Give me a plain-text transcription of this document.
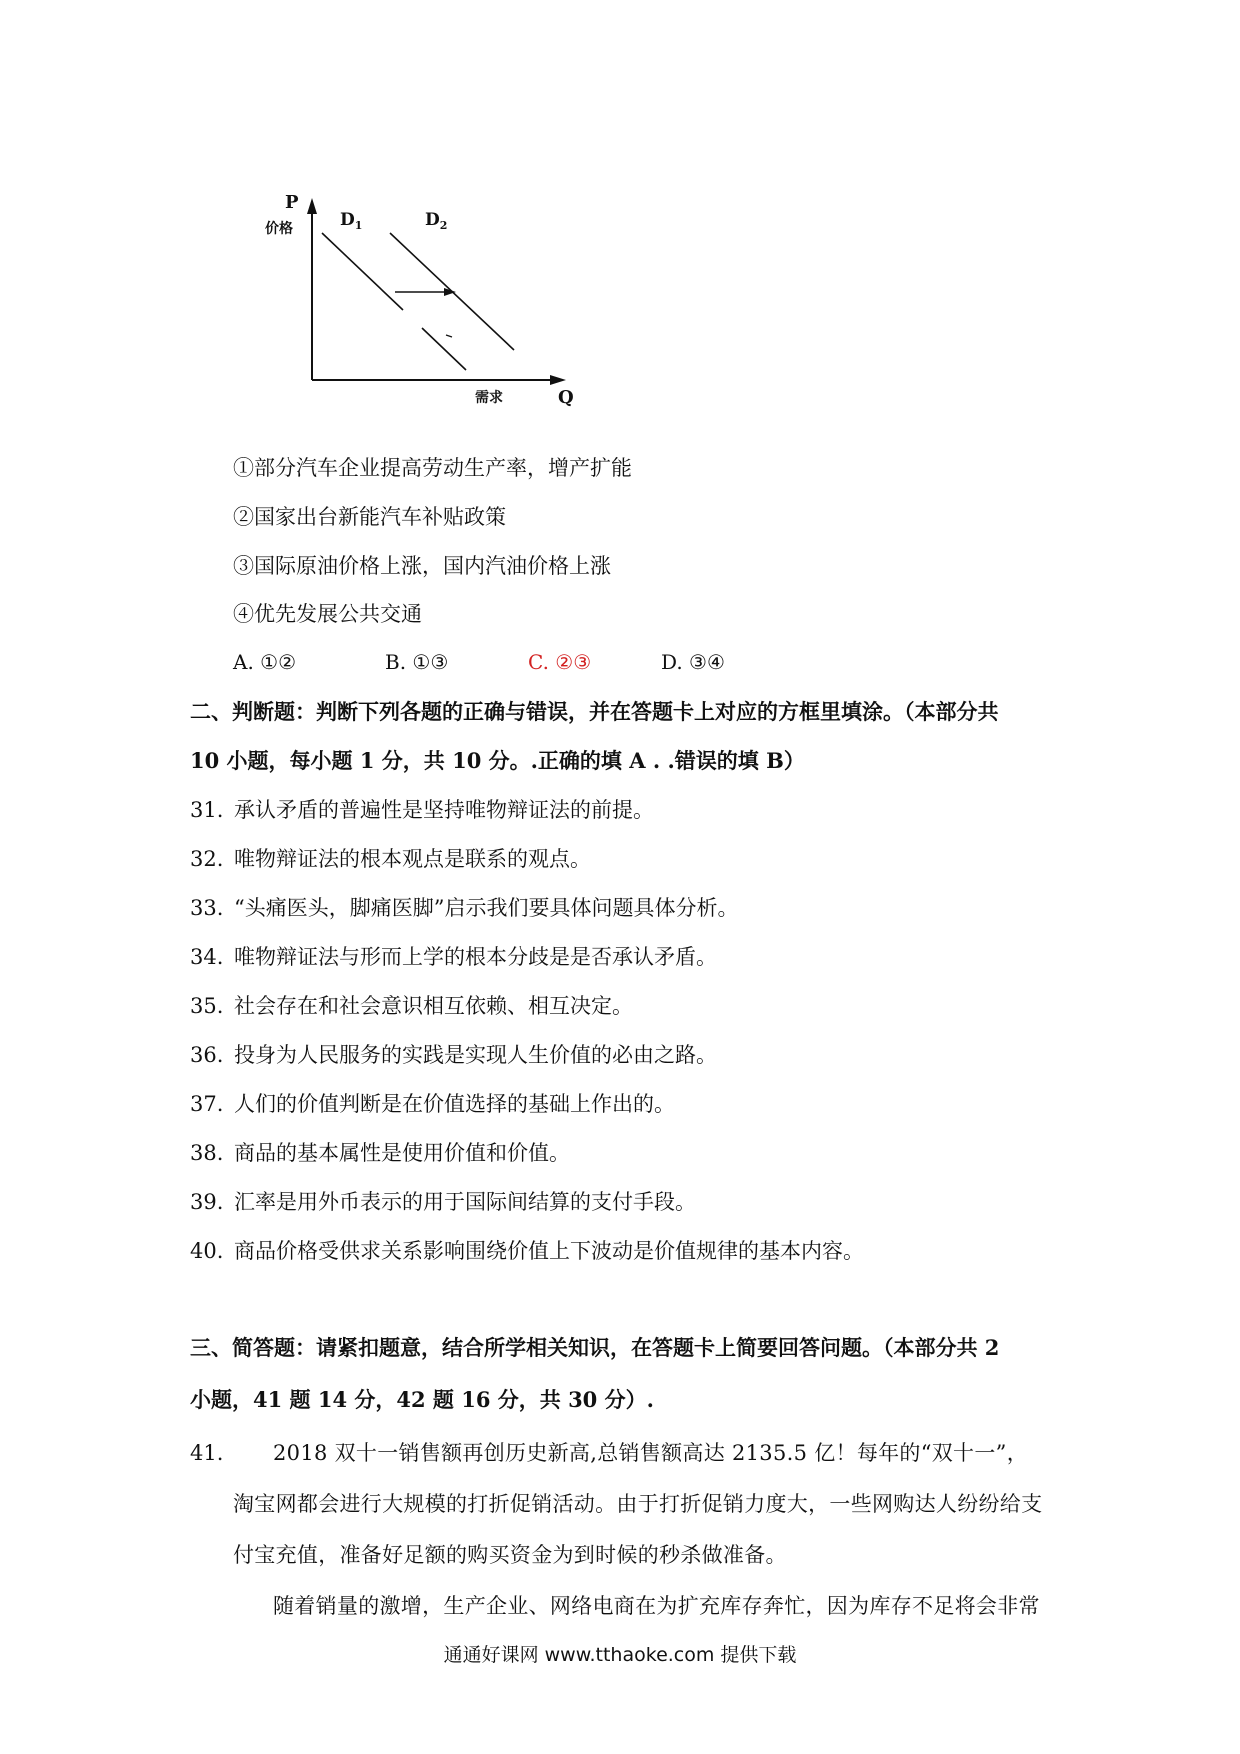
P
价格
需求	Q
$D_1$	$D_2$
①部分汽车企业提高劳动生产率，增产扩能
②国家出台新能汽车补贴政策
③国际原油价格上涨，国内汽油价格上涨
④优先发展公共交通
A. ①②	B. ①③	C. ②③	D. ③④
二、判断题：判断下列各题的正确与错误，并在答题卡上对应的方框里填涂。（本部分共
10 小题，每小题 1 分，共 10 分。.正确的填 A . .错误的填 B）
31. 承认矛盾的普遍性是坚持唯物辩证法的前提。
32. 唯物辩证法的根本观点是联系的观点。
33. “头痛医头，脚痛医脚”启示我们要具体问题具体分析。
34. 唯物辩证法与形而上学的根本分歧是是否承认矛盾。
35. 社会存在和社会意识相互依赖、相互决定。
36. 投身为人民服务的实践是实现人生价值的必由之路。
37. 人们的价值判断是在价值选择的基础上作出的。
38. 商品的基本属性是使用价值和价值。
39. 汇率是用外币表示的用于国际间结算的支付手段。
40. 商品价格受供求关系影响围绕价值上下波动是价值规律的基本内容。
三、简答题：请紧扣题意，结合所学相关知识，在答题卡上简要回答问题。（本部分共 2
小题，41 题 14 分，42 题 16 分，共 30 分）.
41. 2018 双十一销售额再创历史新高,总销售额高达 2135.5 亿！每年的“双十一”，
淘宝网都会进行大规模的打折促销活动。由于打折促销力度大，一些网购达人纷纷给支
付宝充值，准备好足额的购买资金为到时候的秒杀做准备。
随着销量的激增，生产企业、网络电商在为扩充库存奔忙，因为库存不足将会非常
通通好课网 www.tthaoke.com 提供下载
